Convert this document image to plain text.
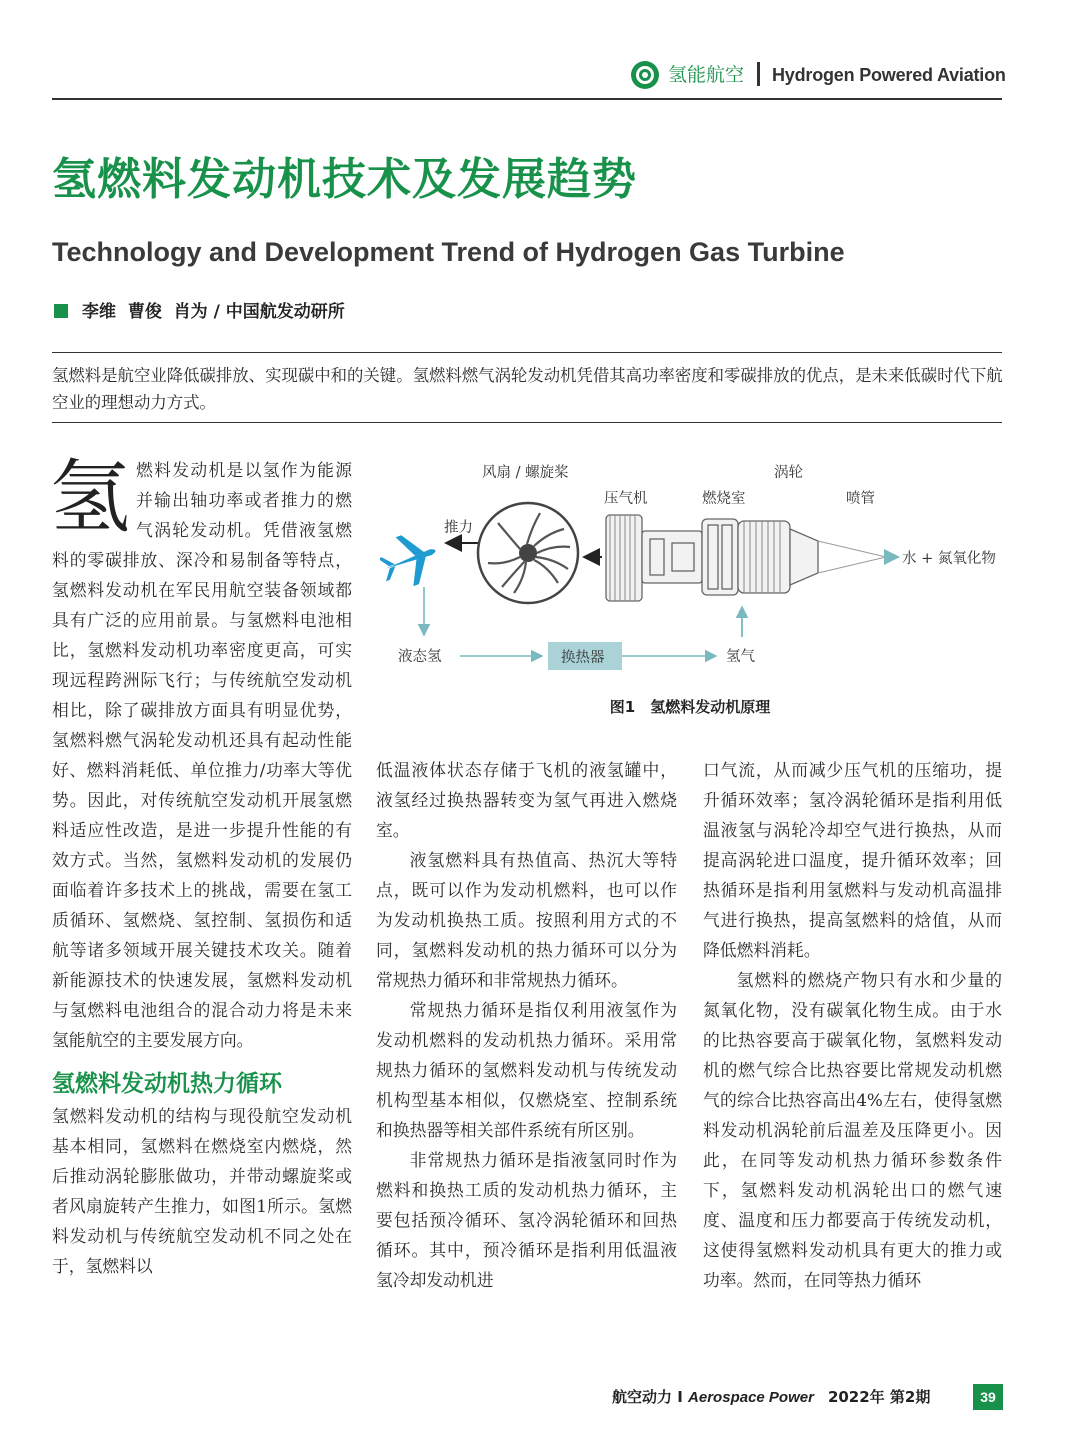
氢能航空 Hydrogen Powered Aviation
氢燃料发动机技术及发展趋势
Technology and Development Trend of Hydrogen Gas Turbine
李维  曹俊  肖为 / 中国航发动研所
氢燃料是航空业降低碳排放、实现碳中和的关键。氢燃料燃气涡轮发动机凭借其高功率密度和零碳排放的优点，是未来低碳时代下航空业的理想动力方式。
氢 燃料发动机是以氢作为能源并输出轴功率或者推力的燃气涡轮发动机。凭借液氢燃料的零碳排放、深冷和易制备等特点，氢燃料发动机在军民用航空装备领域都具有广泛的应用前景。与氢燃料电池相比，氢燃料发动机功率密度更高，可实现远程跨洲际飞行；与传统航空发动机相比，除了碳排放方面具有明显优势，氢燃料燃气涡轮发动机还具有起动性能好、燃料消耗低、单位推力/功率大等优势。因此，对传统航空发动机开展氢燃料适应性改造，是进一步提升性能的有效方式。当然，氢燃料发动机的发展仍面临着许多技术上的挑战，需要在氢工质循环、氢燃烧、氢控制、氢损伤和适航等诸多领域开展关键技术攻关。随着新能源技术的快速发展，氢燃料发动机与氢燃料电池组合的混合动力将是未来氢能航空的主要发展方向。

氢燃料发动机热力循环

氢燃料发动机的结构与现役航空发动机基本相同，氢燃料在燃烧室内燃烧，然后推动涡轮膨胀做功，并带动螺旋桨或者风扇旋转产生推力，如图1所示。氢燃料发动机与传统航空发动机不同之处在于，氢燃料以

推力
水 + 氮氧化物
风扇 / 螺旋桨	涡轮
压气机	燃烧室	喷管
液态氢	换热器	氢气
图1　氢燃料发动机原理

低温液体状态存储于飞机的液氢罐中，液氢经过换热器转变为氢气再进入燃烧室。

液氢燃料具有热值高、热沉大等特点，既可以作为发动机燃料，也可以作为发动机换热工质。按照利用方式的不同，氢燃料发动机的热力循环可以分为常规热力循环和非常规热力循环。

常规热力循环是指仅利用液氢作为发动机燃料的发动机热力循环。采用常规热力循环的氢燃料发动机与传统发动机构型基本相似，仅燃烧室、控制系统和换热器等相关部件系统有所区别。

非常规热力循环是指液氢同时作为燃料和换热工质的发动机热力循环，主要包括预冷循环、氢冷涡轮循环和回热循环。其中，预冷循环是指利用低温液氢冷却发动机进

口气流，从而减少压气机的压缩功，提升循环效率；氢冷涡轮循环是指利用低温液氢与涡轮冷却空气进行换热，从而提高涡轮进口温度，提升循环效率；回热循环是指利用氢燃料与发动机高温排气进行换热，提高氢燃料的焓值，从而降低燃料消耗。

氢燃料的燃烧产物只有水和少量的氮氧化物，没有碳氧化物生成。由于水的比热容要高于碳氧化物，氢燃料发动机的燃气综合比热容要比常规发动机燃气的综合比热容高出4%左右，使得氢燃料发动机涡轮前后温差及压降更小。因此，在同等发动机热力循环参数条件下，氢燃料发动机涡轮出口的燃气速度、温度和压力都要高于传统发动机，这使得氢燃料发动机具有更大的推力或功率。然而，在同等热力循环

航空动力 I Aerospace Power 2022年 第2期	39
